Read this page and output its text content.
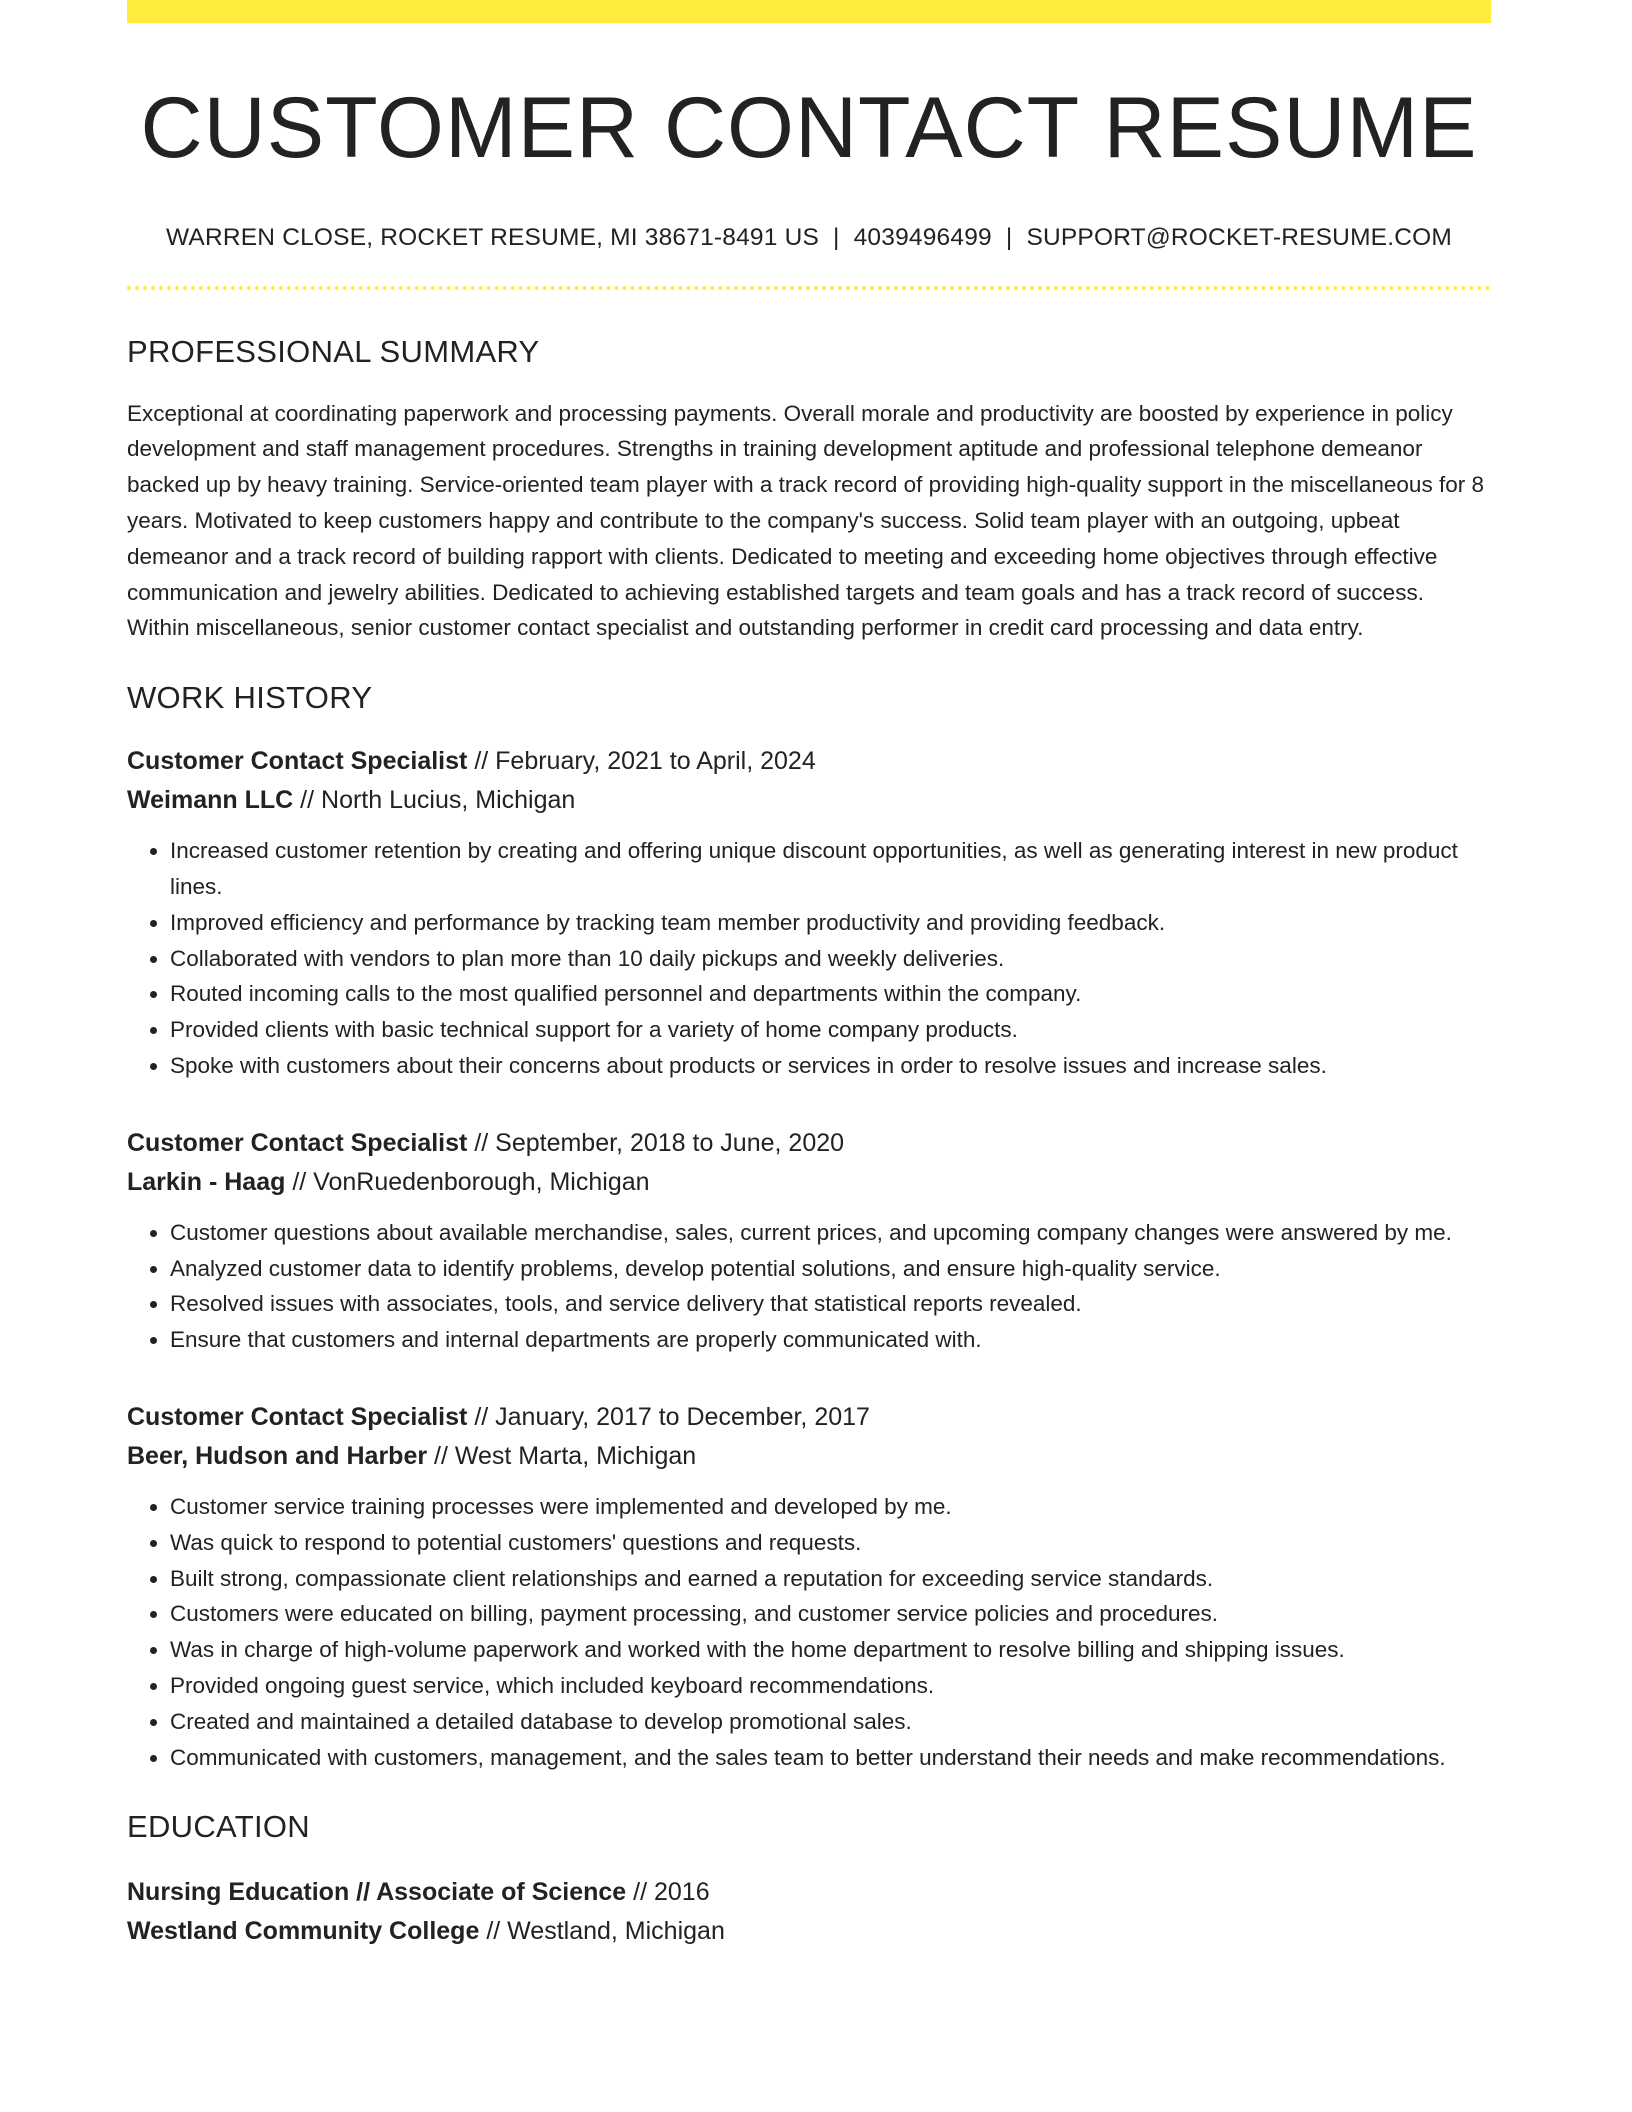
CUSTOMER CONTACT RESUME
WARREN CLOSE, ROCKET RESUME, MI 38671-8491 US | 4039496499 | SUPPORT@ROCKET-RESUME.COM
PROFESSIONAL SUMMARY

Exceptional at coordinating paperwork and processing payments. Overall morale and productivity are boosted by experience in policy development and staff management procedures. Strengths in training development aptitude and professional telephone demeanor backed up by heavy training. Service-oriented team player with a track record of providing high-quality support in the miscellaneous for 8 years. Motivated to keep customers happy and contribute to the company's success. Solid team player with an outgoing, upbeat demeanor and a track record of building rapport with clients. Dedicated to meeting and exceeding home objectives through effective communication and jewelry abilities. Dedicated to achieving established targets and team goals and has a track record of success. Within miscellaneous, senior customer contact specialist and outstanding performer in credit card processing and data entry.

WORK HISTORY
Customer Contact Specialist // February, 2021 to April, 2024
Weimann LLC // North Lucius, Michigan
• Increased customer retention by creating and offering unique discount opportunities, as well as generating interest in new product lines.
• Improved efficiency and performance by tracking team member productivity and providing feedback.
• Collaborated with vendors to plan more than 10 daily pickups and weekly deliveries.
• Routed incoming calls to the most qualified personnel and departments within the company.
• Provided clients with basic technical support for a variety of home company products.
• Spoke with customers about their concerns about products or services in order to resolve issues and increase sales.
Customer Contact Specialist // September, 2018 to June, 2020
Larkin - Haag // VonRuedenborough, Michigan
• Customer questions about available merchandise, sales, current prices, and upcoming company changes were answered by me.
• Analyzed customer data to identify problems, develop potential solutions, and ensure high-quality service.
• Resolved issues with associates, tools, and service delivery that statistical reports revealed.
• Ensure that customers and internal departments are properly communicated with.
Customer Contact Specialist // January, 2017 to December, 2017
Beer, Hudson and Harber // West Marta, Michigan
• Customer service training processes were implemented and developed by me.
• Was quick to respond to potential customers' questions and requests.
• Built strong, compassionate client relationships and earned a reputation for exceeding service standards.
• Customers were educated on billing, payment processing, and customer service policies and procedures.
• Was in charge of high-volume paperwork and worked with the home department to resolve billing and shipping issues.
• Provided ongoing guest service, which included keyboard recommendations.
• Created and maintained a detailed database to develop promotional sales.
• Communicated with customers, management, and the sales team to better understand their needs and make recommendations.
EDUCATION
Nursing Education // Associate of Science // 2016
Westland Community College // Westland, Michigan
